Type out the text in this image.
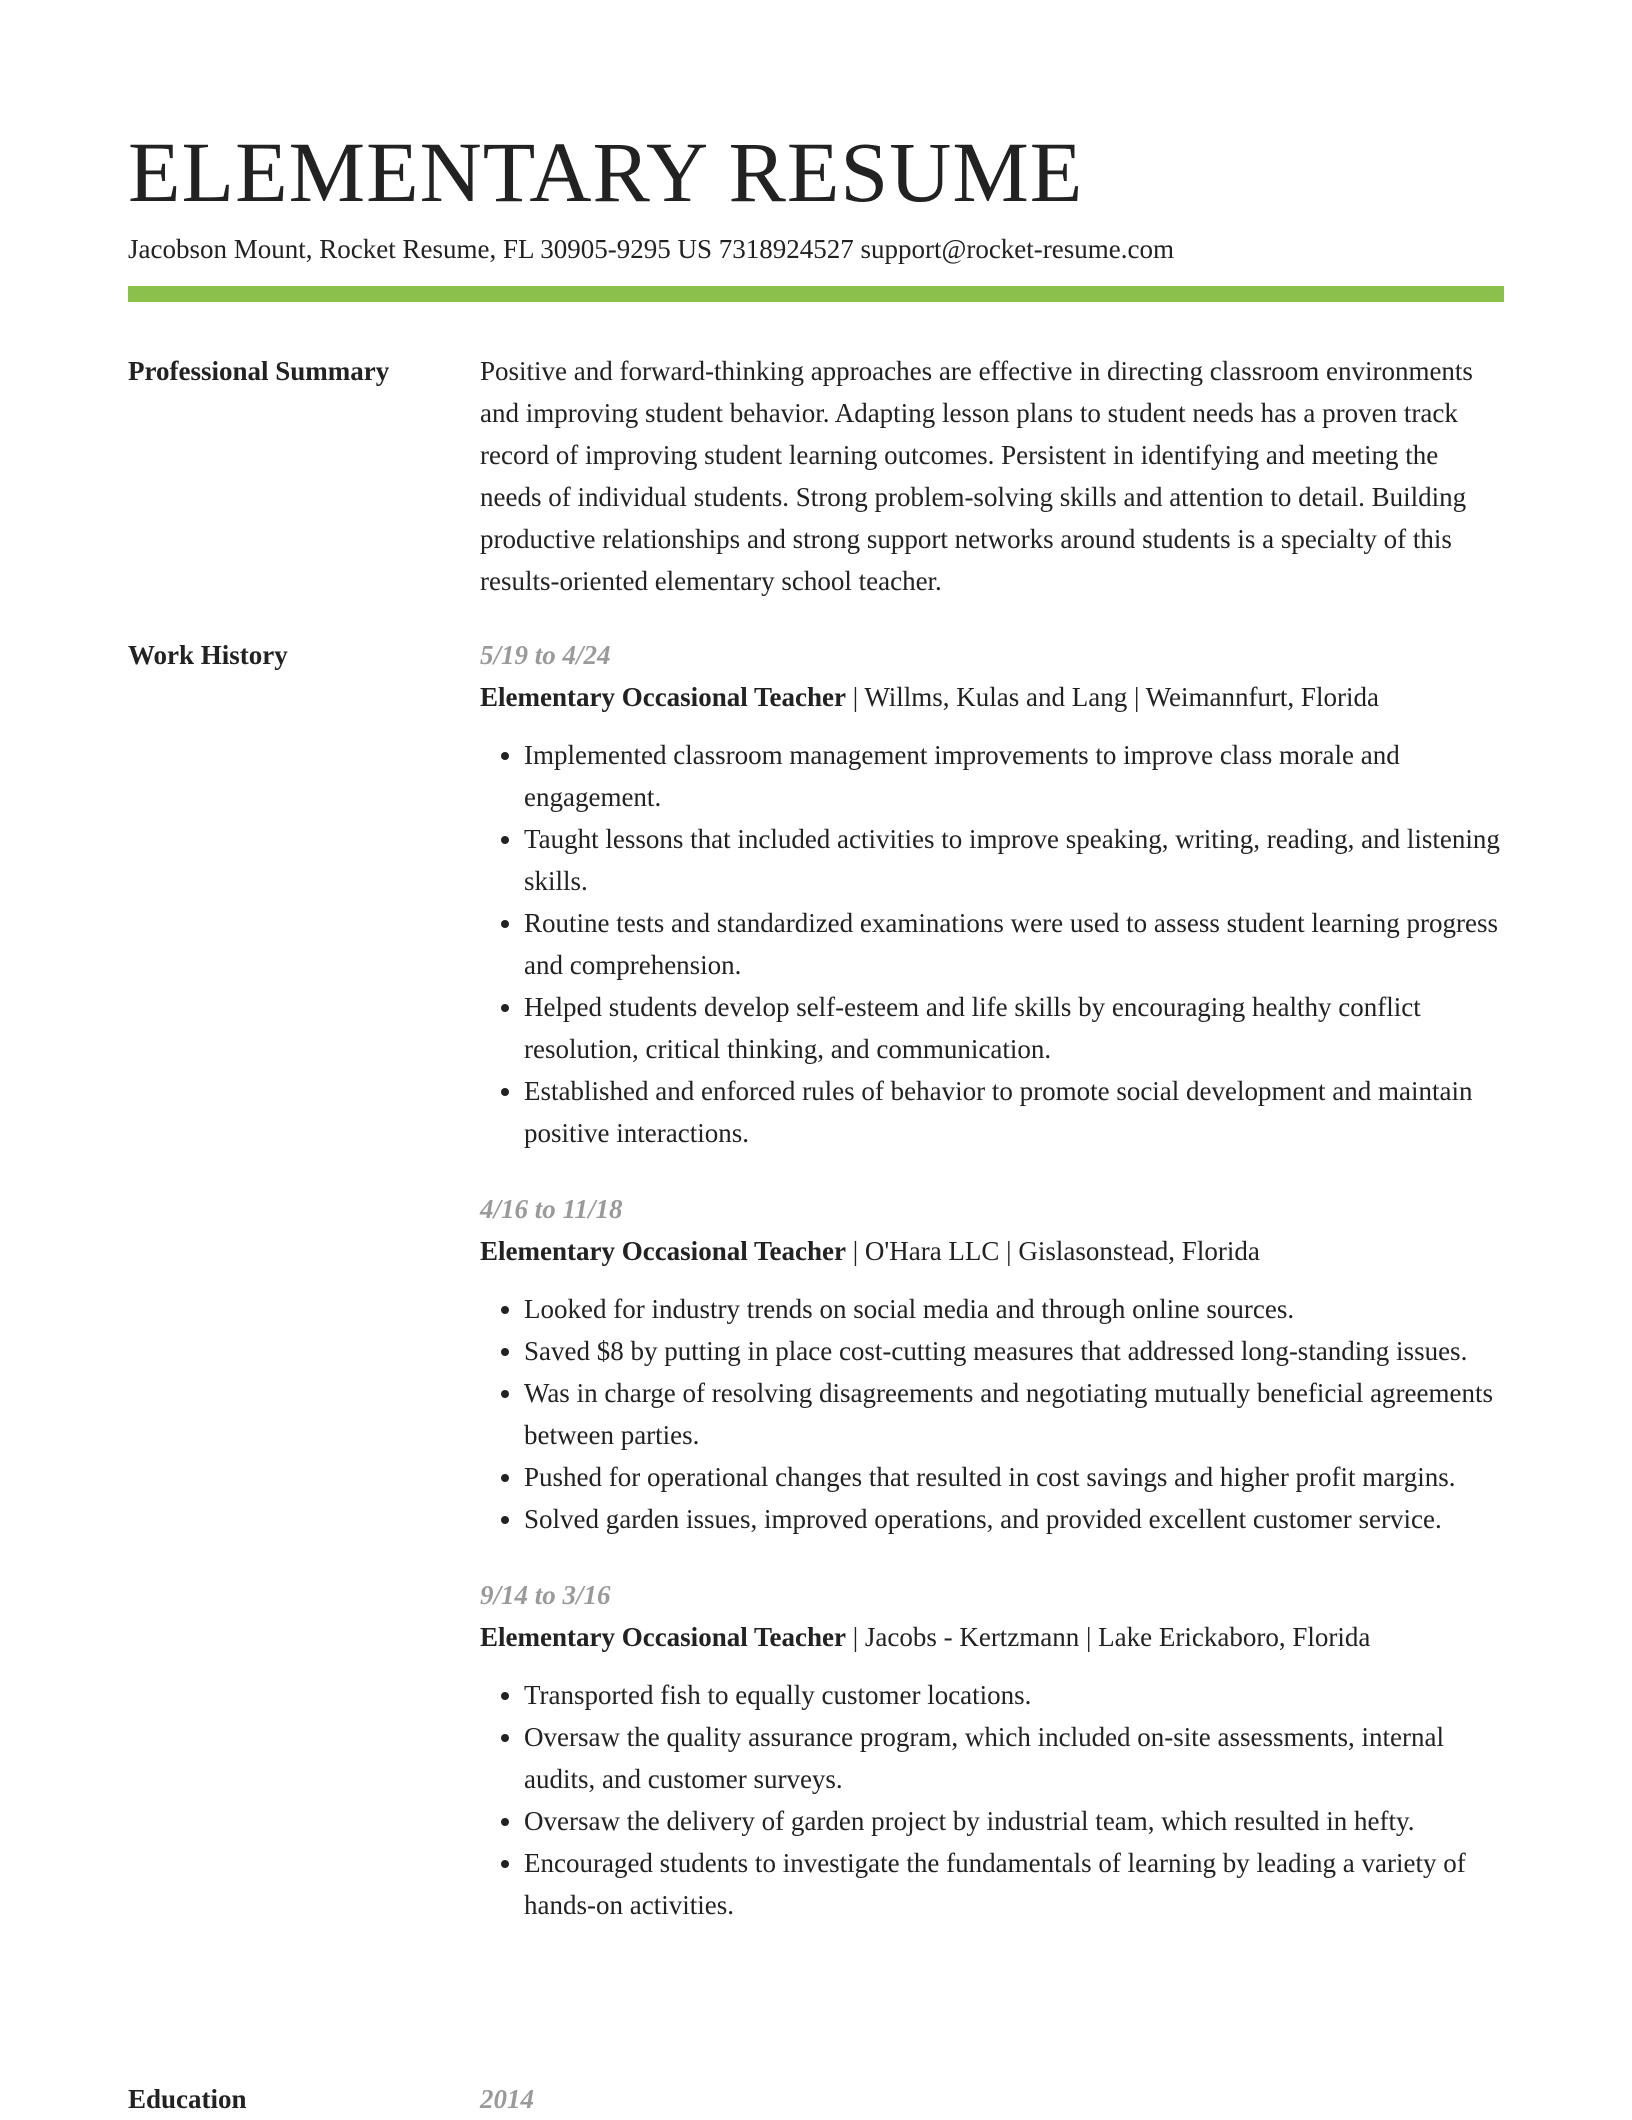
ELEMENTARY RESUME
Jacobson Mount, Rocket Resume, FL 30905-9295 US 7318924527 support@rocket-resume.com
Professional Summary	Positive and forward-thinking approaches are effective in directing classroom environments and improving student behavior. Adapting lesson plans to student needs has a proven track record of improving student learning outcomes. Persistent in identifying and meeting the needs of individual students. Strong problem-solving skills and attention to detail. Building productive relationships and strong support networks around students is a specialty of this results-oriented elementary school teacher.

Work History	5/19 to 4/24
Elementary Occasional Teacher | Willms, Kulas and Lang | Weimannfurt, Florida
• Implemented classroom management improvements to improve class morale and engagement.
• Taught lessons that included activities to improve speaking, writing, reading, and listening skills.
• Routine tests and standardized examinations were used to assess student learning progress and comprehension.
• Helped students develop self-esteem and life skills by encouraging healthy conflict resolution, critical thinking, and communication.
• Established and enforced rules of behavior to promote social development and maintain positive interactions.
4/16 to 11/18
Elementary Occasional Teacher | O'Hara LLC | Gislasonstead, Florida
• Looked for industry trends on social media and through online sources.
• Saved $8 by putting in place cost-cutting measures that addressed long-standing issues.
• Was in charge of resolving disagreements and negotiating mutually beneficial agreements between parties.
• Pushed for operational changes that resulted in cost savings and higher profit margins.
• Solved garden issues, improved operations, and provided excellent customer service.
9/14 to 3/16
Elementary Occasional Teacher | Jacobs - Kertzmann | Lake Erickaboro, Florida
• Transported fish to equally customer locations.
• Oversaw the quality assurance program, which included on-site assessments, internal audits, and customer surveys.
• Oversaw the delivery of garden project by industrial team, which resulted in hefty.
• Encouraged students to investigate the fundamentals of learning by leading a variety of hands-on activities.
Education	2014
